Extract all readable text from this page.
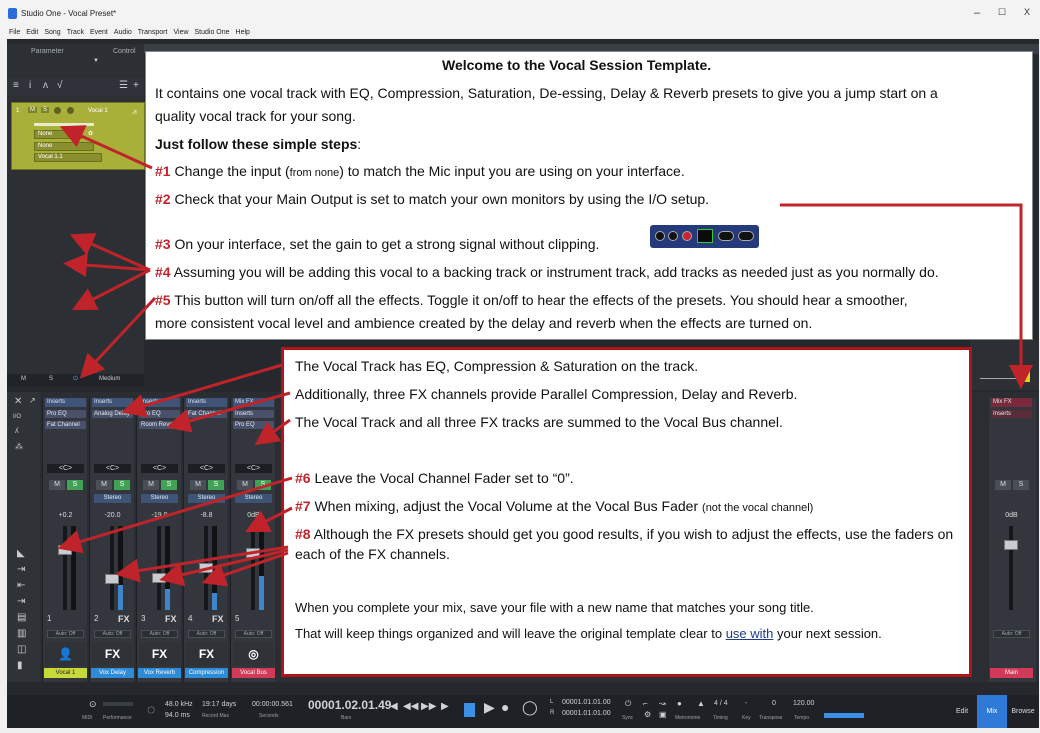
Studio One - Vocal Preset*	–	☐	X
File Edit Song Track Event Audio Transport View Studio One Help
Parameter	Control
▼
≡ i ʌ √	☰ +
1	M	S	Vocal 1	⩘
None	✿
None
Vocal 1.1
M	S	⏻	Medium
✕ ↗
I/O
ʎ
⁂
◣
⇥
⇤
⇥
▤
▥
◫
▮
Inserts
Pro EQ
Fat Channel
<C>
M	S
+0.2
1
Auto: Off
👤
Vocal 1
Inserts
Analog Delay
<C>
M	S
Stereo
-20.0
2 FX
Auto: Off
FX
Vox Delay
Inserts
Pro EQ
Room Reverb
<C>
M	S
Stereo
-19.0
3 FX
Auto: Off
FX
Vox Reverb
Inserts
Fat Channel
<C>
M	S
Stereo
-8.8
4 FX
Auto: Off
FX
Compression
Mix FX
Inserts
Pro EQ
<C>
M	S
Stereo
0dB
5
Auto: Off
◎
Vocal Bus
Mix FX
Inserts
M	S
0dB
Auto: Off
Main
⊙
MIDI Performance
◌ 48.0 kHz
94.0 ms
19:17 days
Record Max
00:00:00.561
Seconds
00001.02.01.49
Bars
◀ ◀◀ ▶▶ ▶	▶ ● ◯ L 00001.01.01.00
R 00001.01.01.00
⏻
Sync
⌐
⚙
↝
▣
● ▲
Metronome
4 / 4
Timing
-
Key
0
Transpose
120.00
Tempo
Edit	Mix	Browse
Welcome to the Vocal Session Template.
It contains one vocal track with EQ, Compression, Saturation, De-essing, Delay & Reverb presets to give you a jump start on a
quality vocal track for your song.
Just follow these simple steps:
#1 Change the input (from none) to match the Mic input you are using on your interface.
#2 Check that your Main Output is set to match your own monitors by using the I/O setup.
#3 On your interface, set the gain to get a strong signal without clipping.
#4 Assuming you will be adding this vocal to a backing track or instrument track, add tracks as needed just as you normally do.
#5 This button will turn on/off all the effects. Toggle it on/off to hear the effects of the presets. You should hear a smoother,
more consistent vocal level and ambience created by the delay and reverb when the effects are turned on.
The Vocal Track has EQ, Compression & Saturation on the track.
Additionally, three FX channels provide Parallel Compression, Delay and Reverb.
The Vocal Track and all three FX tracks are summed to the Vocal Bus channel.
#6 Leave the Vocal Channel Fader set to “0”.
#7 When mixing, adjust the Vocal Volume at the Vocal Bus Fader (not the vocal channel)
#8 Although the FX presets should get you good results, if you wish to adjust the effects, use the faders on
each of the FX channels.
When you complete your mix, save your file with a new name that matches your song title.
That will keep things organized and will leave the original template clear to use with your next session.
